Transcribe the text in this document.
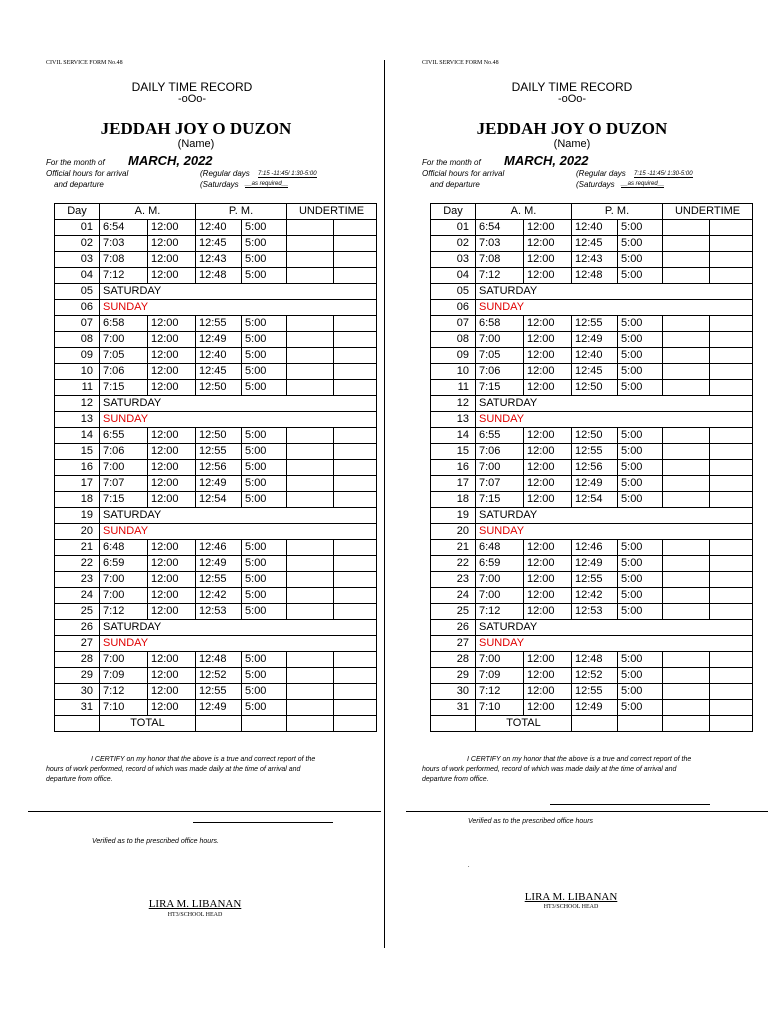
CIVIL SERVICE FORM No.48
DAILY TIME RECORD
-oOo-
JEDDAH JOY O DUZON
(Name)
For the month of MARCH, 2022
Official hours for arrival	(Regular days 7:15 -11:45/ 1:30-5:00
and departure	(Saturdays __as required__
Day	A. M.		P. M.		UNDERTIME	
01	6:54	12:00	12:40	5:00		
02	7:03	12:00	12:45	5:00		
03	7:08	12:00	12:43	5:00		
04	7:12	12:00	12:48	5:00		
05	SATURDAY					
06	SUNDAY					
07	6:58	12:00	12:55	5:00		
08	7:00	12:00	12:49	5:00		
09	7:05	12:00	12:40	5:00		
10	7:06	12:00	12:45	5:00		
11	7:15	12:00	12:50	5:00		
12	SATURDAY					
13	SUNDAY					
14	6:55	12:00	12:50	5:00		
15	7:06	12:00	12:55	5:00		
16	7:00	12:00	12:56	5:00		
17	7:07	12:00	12:49	5:00		
18	7:15	12:00	12:54	5:00		
19	SATURDAY					
20	SUNDAY					
21	6:48	12:00	12:46	5:00		
22	6:59	12:00	12:49	5:00		
23	7:00	12:00	12:55	5:00		
24	7:00	12:00	12:42	5:00		
25	7:12	12:00	12:53	5:00		
26	SATURDAY					
27	SUNDAY					
28	7:00	12:00	12:48	5:00		
29	7:09	12:00	12:52	5:00		
30	7:12	12:00	12:55	5:00		
31	7:10	12:00	12:49	5:00		
	TOTAL					
I CERTIFY on my honor that the above is a true and correct report of the hours of work performed, record of which was made daily at the time of arrival and departure from office.
Verified as to the prescribed office hours.
LIRA M. LIBANAN
HT3/SCHOOL HEAD
CIVIL SERVICE FORM No.48
DAILY TIME RECORD
-oOo-
JEDDAH JOY O DUZON
(Name)
For the month of MARCH, 2022
Official hours for arrival	(Regular days 7:15 -11:45/ 1:30-5:00
and departure	(Saturdays __as required__
Day	A. M.		P. M.		UNDERTIME	
01	6:54	12:00	12:40	5:00		
02	7:03	12:00	12:45	5:00		
03	7:08	12:00	12:43	5:00		
04	7:12	12:00	12:48	5:00		
05	SATURDAY					
06	SUNDAY					
07	6:58	12:00	12:55	5:00		
08	7:00	12:00	12:49	5:00		
09	7:05	12:00	12:40	5:00		
10	7:06	12:00	12:45	5:00		
11	7:15	12:00	12:50	5:00		
12	SATURDAY					
13	SUNDAY					
14	6:55	12:00	12:50	5:00		
15	7:06	12:00	12:55	5:00		
16	7:00	12:00	12:56	5:00		
17	7:07	12:00	12:49	5:00		
18	7:15	12:00	12:54	5:00		
19	SATURDAY					
20	SUNDAY					
21	6:48	12:00	12:46	5:00		
22	6:59	12:00	12:49	5:00		
23	7:00	12:00	12:55	5:00		
24	7:00	12:00	12:42	5:00		
25	7:12	12:00	12:53	5:00		
26	SATURDAY					
27	SUNDAY					
28	7:00	12:00	12:48	5:00		
29	7:09	12:00	12:52	5:00		
30	7:12	12:00	12:55	5:00		
31	7:10	12:00	12:49	5:00		
	TOTAL					
I CERTIFY on my honor that the above is a true and correct report of the hours of work performed, record of which was made daily at the time of arrival and departure from office.
Verified as to the prescribed office hours
.
LIRA M. LIBANAN
HT3/SCHOOL HEAD
